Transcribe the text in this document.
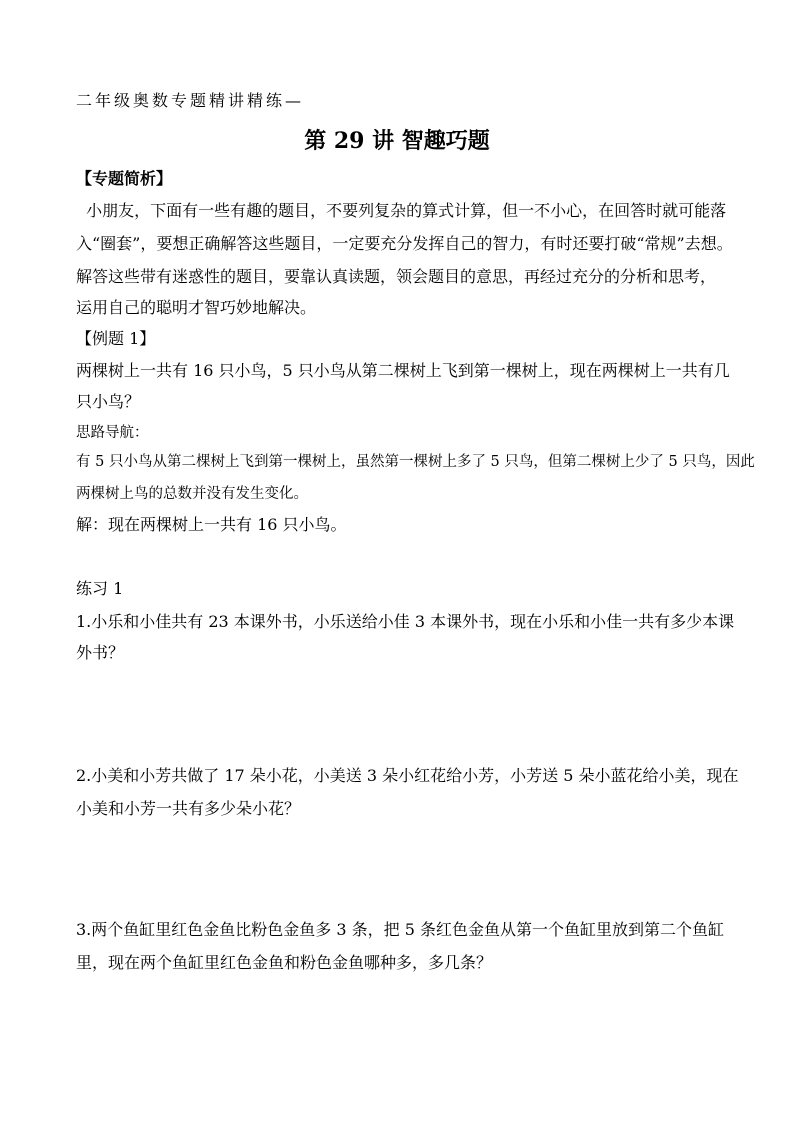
二年级奥数专题精讲精练—
第 29 讲 智趣巧题
【专题简析】
小朋友，下面有一些有趣的题目，不要列复杂的算式计算，但一不小心，在回答时就可能落
入“圈套”，要想正确解答这些题目，一定要充分发挥自己的智力，有时还要打破“常规”去想。
解答这些带有迷惑性的题目，要靠认真读题，领会题目的意思，再经过充分的分析和思考，
运用自己的聪明才智巧妙地解决。
【例题 1】
两棵树上一共有 16 只小鸟，5 只小鸟从第二棵树上飞到第一棵树上，现在两棵树上一共有几
只小鸟？
思路导航：
有 5 只小鸟从第二棵树上飞到第一棵树上，虽然第一棵树上多了 5 只鸟，但第二棵树上少了 5 只鸟，因此
两棵树上鸟的总数并没有发生变化。
解：现在两棵树上一共有 16 只小鸟。
练习 1
1.小乐和小佳共有 23 本课外书，小乐送给小佳 3 本课外书，现在小乐和小佳一共有多少本课
外书？
2.小美和小芳共做了 17 朵小花，小美送 3 朵小红花给小芳，小芳送 5 朵小蓝花给小美，现在
小美和小芳一共有多少朵小花？
3.两个鱼缸里红色金鱼比粉色金鱼多 3 条，把 5 条红色金鱼从第一个鱼缸里放到第二个鱼缸
里，现在两个鱼缸里红色金鱼和粉色金鱼哪种多，多几条？
